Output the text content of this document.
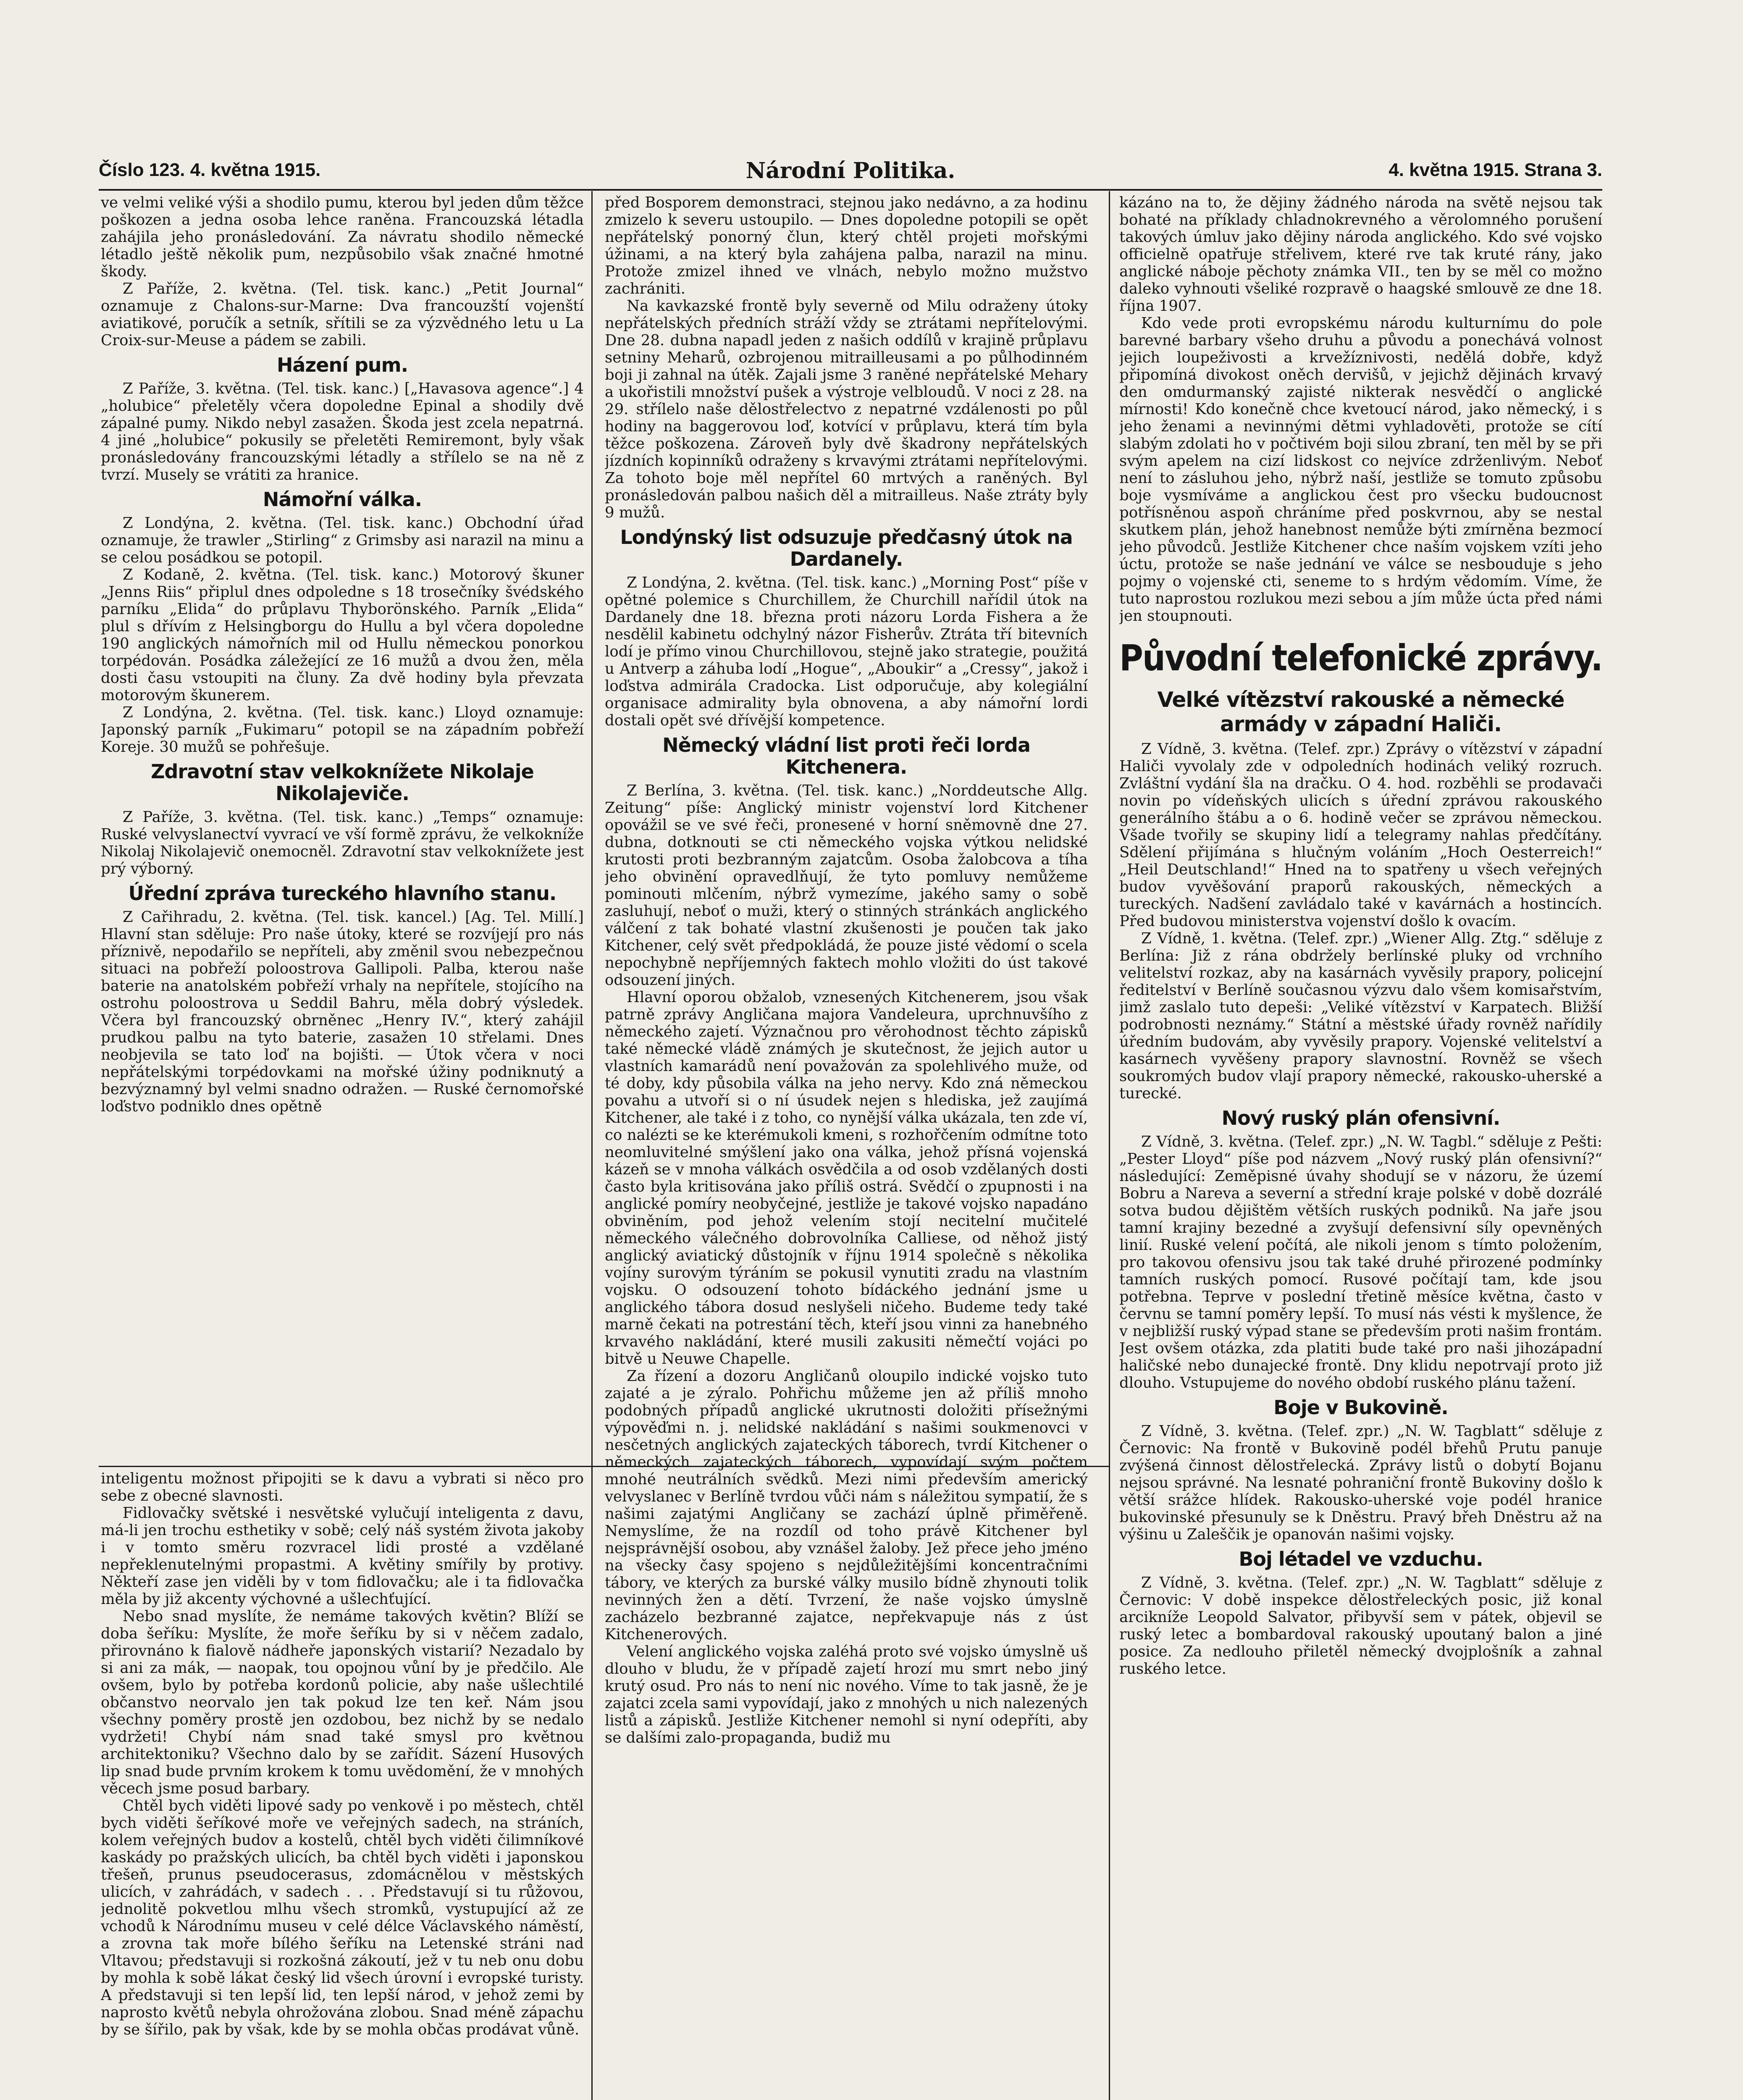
Číslo 123. 4. května 1915.	Národní Politika.	4. května 1915. Strana 3.

ve velmi veliké výši a shodilo pumu, kterou byl jeden dům těžce poškozen a jedna osoba lehce raněna. Francouzská létadla zahájila jeho pronásledování. Za návratu shodilo německé létadlo ještě několik pum, nezpůsobilo však značné hmotné škody.

Z Paříže, 2. května. (Tel. tisk. kanc.) „Petit Journal“ oznamuje z Chalons-sur-Marne: Dva francouzští vojenští aviatikové, poručík a setník, sřítili se za výzvědného letu u La Croix-sur-Meuse a pádem se zabili.

Házení pum.

Z Paříže, 3. května. (Tel. tisk. kanc.) [„Havasova agence“.] 4 „holubice“ přeletěly včera dopoledne Epinal a shodily dvě zápalné pumy. Nikdo nebyl zasažen. Škoda jest zcela nepatrná. 4 jiné „holubice“ pokusily se přeletěti Remiremont, byly však pronásledovány francouzskými létadly a střílelo se na ně z tvrzí. Musely se vrátiti za hranice.

Námořní válka.

Z Londýna, 2. května. (Tel. tisk. kanc.) Obchodní úřad oznamuje, že trawler „Stirling“ z Grimsby asi narazil na minu a se celou posádkou se potopil.

Z Kodaně, 2. května. (Tel. tisk. kanc.) Motorový škuner „Jenns Riis“ připlul dnes odpoledne s 18 trosečníky švédského parníku „Elida“ do průplavu Thyborönského. Parník „Elida“ plul s dřívím z Helsingborgu do Hullu a byl včera dopoledne 190 anglických námořních mil od Hullu německou ponorkou torpédován. Posádka záležející ze 16 mužů a dvou žen, měla dosti času vstoupiti na čluny. Za dvě hodiny byla převzata motorovým škunerem.

Z Londýna, 2. května. (Tel. tisk. kanc.) Lloyd oznamuje: Japonský parník „Fukimaru“ potopil se na západním pobřeží Koreje. 30 mužů se pohřešuje.

Zdravotní stav velkoknížete Nikolaje Nikolajeviče.

Z Paříže, 3. května. (Tel. tisk. kanc.) „Temps“ oznamuje: Ruské velvyslanectví vyvrací ve vší formě zprávu, že velkokníže Nikolaj Nikolajevič onemocněl. Zdravotní stav velkoknížete jest prý výborný.

Úřední zpráva tureckého hlavního stanu.

Z Cařihradu, 2. května. (Tel. tisk. kancel.) [Ag. Tel. Millí.] Hlavní stan sděluje: Pro naše útoky, které se rozvíjejí pro nás příznivě, nepodařilo se nepříteli, aby změnil svou nebezpečnou situaci na pobřeží poloostrova Gallipoli. Palba, kterou naše baterie na anatolském pobřeží vrhaly na nepřítele, stojícího na ostrohu poloostrova u Seddil Bahru, měla dobrý výsledek. Včera byl francouzský obrněnec „Henry IV.“, který zahájil prudkou palbu na tyto baterie, zasažen 10 střelami. Dnes neobjevila se tato loď na bojišti. — Útok včera v noci nepřátelskými torpédovkami na mořské úžiny podniknutý a bezvýznamný byl velmi snadno odražen. — Ruské černomořské loďstvo podniklo dnes opětně

před Bosporem demonstraci, stejnou jako nedávno, a za hodinu zmizelo k severu ustoupilo. — Dnes dopoledne potopili se opět nepřátelský ponorný člun, který chtěl projeti mořskými úžinami, a na který byla zahájena palba, narazil na minu. Protože zmizel ihned ve vlnách, nebylo možno mužstvo zachrániti.

Na kavkazské frontě byly severně od Milu odraženy útoky nepřátelských předních stráží vždy se ztrátami nepřítelovými. Dne 28. dubna napadl jeden z našich oddílů v krajině průplavu setniny Meharů, ozbrojenou mitrailleusami a po půlhodinném boji ji zahnal na útěk. Zajali jsme 3 raněné nepřátelské Mehary a ukořistili množství pušek a výstroje velbloudů. V noci z 28. na 29. střílelo naše dělostřelectvo z nepatrné vzdálenosti po půl hodiny na baggerovou loď, kotvící v průplavu, která tím byla těžce poškozena. Zároveň byly dvě škadrony nepřátelských jízdních kopinníků odraženy s krvavými ztrátami nepřítelovými. Za tohoto boje měl nepřítel 60 mrtvých a raněných. Byl pronásledován palbou našich děl a mitrailleus. Naše ztráty byly 9 mužů.

Londýnský list odsuzuje předčasný útok na Dardanely.

Z Londýna, 2. května. (Tel. tisk. kanc.) „Morning Post“ píše v opětné polemice s Churchillem, že Churchill nařídil útok na Dardanely dne 18. března proti názoru Lorda Fishera a že nesdělil kabinetu odchylný názor Fisherův. Ztráta tří bitevních lodí je přímo vinou Churchillovou, stejně jako strategie, použitá u Antverp a záhuba lodí „Hogue“, „Aboukir“ a „Cressy“, jakož i loďstva admirála Cradocka. List odporučuje, aby kolegiální organisace admirality byla obnovena, a aby námořní lordi dostali opět své dřívější kompetence.

Německý vládní list proti řeči lorda Kitchenera.

Z Berlína, 3. května. (Tel. tisk. kanc.) „Norddeutsche Allg. Zeitung“ píše: Anglický ministr vojenství lord Kitchener opovážil se ve své řeči, pronesené v horní sněmovně dne 27. dubna, dotknouti se cti německého vojska výtkou nelidské krutosti proti bezbranným zajatcům. Osoba žalobcova a tíha jeho obvinění opravedlňují, že tyto pomluvy nemůžeme pominouti mlčením, nýbrž vymezíme, jakého samy o sobě zasluhují, neboť o muži, který o stinných stránkách anglického válčení z tak bohaté vlastní zkušenosti je poučen tak jako Kitchener, celý svět předpokládá, že pouze jisté vědomí o scela nepochybně nepříjemných faktech mohlo vložiti do úst takové odsouzení jiných.

Hlavní oporou obžalob, vznesených Kitchenerem, jsou však patrně zprávy Angličana majora Vandeleura, uprchnuvšího z německého zajetí. Význačnou pro věrohodnost těchto zápisků také německé vládě známých je skutečnost, že jejich autor u vlastních kamarádů není považován za spolehlivého muže, od té doby, kdy působila válka na jeho nervy. Kdo zná německou povahu a utvoří si o ní úsudek nejen s hlediska, jež zaujímá Kitchener, ale také i z toho, co nynější válka ukázala, ten zde ví, co nalézti se ke kterémukoli kmeni, s rozhořčením odmítne toto neomluvitelné smýšlení jako ona válka, jehož přísná vojenská kázeň se v mnoha válkách osvědčila a od osob vzdělaných dosti často byla kritisována jako příliš ostrá. Svědčí o zpupnosti i na anglické pomíry neobyčejné, jestliže je takové vojsko napadáno obviněním, pod jehož velením stojí necitelní mučitelé německého válečného dobrovolníka Calliese, od něhož jistý anglický aviatický důstojník v říjnu 1914 společně s několika vojíny surovým týráním se pokusil vynutiti zradu na vlastním vojsku. O odsouzení tohoto bídáckého jednání jsme u anglického tábora dosud neslyšeli ničeho. Budeme tedy také marně čekati na potrestání těch, kteří jsou vinni za hanebného krvavého nakládání, které musili zakusiti němečtí vojáci po bitvě u Neuwe Chapelle.

Za řízení a dozoru Angličanů oloupilo indické vojsko tuto zajaté a je zýralo. Pohřichu můžeme jen až příliš mnoho podobných případů anglické ukrutnosti doložiti přísežnými výpověďmi n. j. nelidské nakládání s našimi soukmenovci v nesčetných anglických zajateckých táborech, tvrdí Kitchener o německých zajateckých táborech, vypovídají svým počtem mnohé neutrálních svědků. Mezi nimi především americký velvyslanec v Berlíně tvrdou vůči nám s náležitou sympatií, že s našimi zajatými Angličany se zachází úplně přiměřeně. Nemyslíme, že na rozdíl od toho právě Kitchener byl nejsprávnější osobou, aby vznášel žaloby. Jež přece jeho jméno na všecky časy spojeno s nejdůležitějšími koncentračními tábory, ve kterých za burské války musilo bídně zhynouti tolik nevinných žen a dětí. Tvrzení, že naše vojsko úmyslně zacházelo bezbranné zajatce, nepřekvapuje nás z úst Kitchenerových.

Velení anglického vojska zaléhá proto své vojsko úmyslně uš dlouho v bludu, že v případě zajetí hrozí mu smrt nebo jiný krutý osud. Pro nás to není nic nového. Víme to tak jasně, že je zajatci zcela sami vypovídají, jako z mnohých u nich nalezených listů a zápisků. Jestliže Kitchener nemohl si nyní odepříti, aby se dalšími zalo-propaganda, budiž mu

inteligentu možnost připojiti se k davu a vybrati si něco pro sebe z obecné slavnosti.

Fidlovačky světské i nesvětské vylučují inteligenta z davu, má-li jen trochu esthetiky v sobě; celý náš systém života jakoby i v tomto směru rozvracel lidi prosté a vzdělané nepřeklenutelnými propastmi. A květiny smířily by protivy. Někteří zase jen viděli by v tom fidlovačku; ale i ta fidlovačka měla by již akcenty výchovné a ušlechťující.

Nebo snad myslíte, že nemáme takových květin? Blíží se doba šeříku: Myslíte, že moře šeříku by si v něčem zadalo, přirovnáno k fialově nádheře japonských vistarií? Nezadalo by si ani za mák, — naopak, tou opojnou vůní by je předčilo. Ale ovšem, bylo by potřeba kordonů policie, aby naše ušlechtilé občanstvo neorvalo jen tak pokud lze ten keř. Nám jsou všechny poměry prostě jen ozdobou, bez nichž by se nedalo vydržeti! Chybí nám snad také smysl pro květnou architektoniku? Všechno dalo by se zařídit. Sázení Husových lip snad bude prvním krokem k tomu uvědomění, že v mnohých věcech jsme posud barbary.

Chtěl bych viděti lipové sady po venkově i po městech, chtěl bych viděti šeříkové moře ve veřejných sadech, na stráních, kolem veřejných budov a kostelů, chtěl bych viděti čilimníkové kaskády po pražských ulicích, ba chtěl bych viděti i japonskou třešeň, prunus pseudocerasus, zdomácnělou v městských ulicích, v zahrádách, v sadech . . . Představují si tu růžovou, jednolitě pokvetlou mlhu všech stromků, vystupující až ze vchodů k Národnímu museu v celé délce Václavského náměstí, a zrovna tak moře bílého šeříku na Letenské stráni nad Vltavou; představuji si rozkošná zákoutí, jež v tu neb onu dobu by mohla k sobě lákat český lid všech úrovní i evropské turisty. A představuji si ten lepší lid, ten lepší národ, v jehož zemi by naprosto květů nebyla ohrožována zlobou. Snad méně zápachu by se šířilo, pak by však, kde by se mohla občas prodávat vůně.

kázáno na to, že dějiny žádného národa na světě nejsou tak bohaté na příklady chladnokrevného a věrolomného porušení takových úmluv jako dějiny národa anglického. Kdo své vojsko officielně opatřuje střelivem, které rve tak kruté rány, jako anglické náboje pěchoty známka VII., ten by se měl co možno daleko vyhnouti všeliké rozpravě o haagské smlouvě ze dne 18. října 1907.

Kdo vede proti evropskému národu kulturnímu do pole barevné barbary všeho druhu a původu a ponechává volnost jejich loupeživosti a krvežíznivosti, nedělá dobře, když připomíná divokost oněch dervišů, v jejichž dějinách krvavý den omdurmanský zajisté nikterak nesvědčí o anglické mírnosti! Kdo konečně chce kvetoucí národ, jako německý, i s jeho ženami a nevinnými dětmi vyhladověti, protože se cítí slabým zdolati ho v počtivém boji silou zbraní, ten měl by se při svým apelem na cizí lidskost co nejvíce zdrženlivým. Neboť není to zásluhou jeho, nýbrž naší, jestliže se tomuto způsobu boje vysmíváme a anglickou čest pro všecku budoucnost potřísněnou aspoň chráníme před poskvrnou, aby se nestal skutkem plán, jehož hanebnost nemůže býti zmírněna bezmocí jeho původců. Jestliže Kitchener chce naším vojskem vzíti jeho úctu, protože se naše jednání ve válce se nesbouduje s jeho pojmy o vojenské cti, seneme to s hrdým vědomím. Víme, že tuto naprostou rozlukou mezi sebou a jím může úcta před námi jen stoupnouti.

Původní telefonické zprávy.
Velké vítězství rakouské a německé armády v západní Haliči.

Z Vídně, 3. května. (Telef. zpr.) Zprávy o vítězství v západní Haliči vyvolaly zde v odpoledních hodinách veliký rozruch. Zvláštní vydání šla na dračku. O 4. hod. rozběhli se prodavači novin po vídeňských ulicích s úřední zprávou rakouského generálního štábu a o 6. hodině večer se zprávou německou. Všade tvořily se skupiny lidí a telegramy nahlas předčítány. Sdělení přijímána s hlučným voláním „Hoch Oesterreich!“ „Heil Deutschland!“ Hned na to spatřeny u všech veřejných budov vyvěšování praporů rakouských, německých a tureckých. Nadšení zavládalo také v kavárnách a hostincích. Před budovou ministerstva vojenství došlo k ovacím.

Z Vídně, 1. května. (Telef. zpr.) „Wiener Allg. Ztg.“ sděluje z Berlína: Již z rána obdržely berlínské pluky od vrchního velitelství rozkaz, aby na kasárnách vyvěsily prapory, policejní ředitelství v Berlíně současnou výzvu dalo všem komisařstvím, jimž zaslalo tuto depeši: „Veliké vítězství v Karpatech. Bližší podrobnosti neznámy.“ Státní a městské úřady rovněž nařídily úředním budovám, aby vyvěsily prapory. Vojenské velitelství a kasárnech vyvěšeny prapory slavnostní. Rovněž se všech soukromých budov vlají prapory německé, rakousko-uherské a turecké.

Nový ruský plán ofensivní.

Z Vídně, 3. května. (Telef. zpr.) „N. W. Tagbl.“ sděluje z Pešti: „Pester Lloyd“ píše pod názvem „Nový ruský plán ofensivní?“ následující: Zeměpisné úvahy shodují se v názoru, že území Bobru a Nareva a severní a střední kraje polské v době dozrálé sotva budou dějištěm větších ruských podniků. Na jaře jsou tamní krajiny bezedné a zvyšují defensivní síly opevněných linií. Ruské velení počítá, ale nikoli jenom s tímto položením, pro takovou ofensivu jsou tak také druhé přirozené podmínky tamních ruských pomocí. Rusové počítají tam, kde jsou potřebna. Teprve v poslední třetině měsíce května, často v červnu se tamní poměry lepší. To musí nás vésti k myšlence, že v nejbližší ruský výpad stane se především proti našim frontám. Jest ovšem otázka, zda platiti bude také pro naši jihozápadní haličské nebo dunajecké frontě. Dny klidu nepotrvají proto již dlouho. Vstupujeme do nového období ruského plánu tažení.

Boje v Bukovině.

Z Vídně, 3. května. (Telef. zpr.) „N. W. Tagblatt“ sděluje z Černovic: Na frontě v Bukovině podél břehů Prutu panuje zvýšená činnost dělostřelecká. Zprávy listů o dobytí Bojanu nejsou správné. Na lesnaté pohraniční frontě Bukoviny došlo k větší srážce hlídek. Rakousko-uherské voje podél hranice bukovinské přesunuly se k Dněstru. Pravý břeh Dněstru až na výšinu u Zaleščik je opanován našimi vojsky.

Boj létadel ve vzduchu.

Z Vídně, 3. května. (Telef. zpr.) „N. W. Tagblatt“ sděluje z Černovic: V době inspekce dělostřeleckých posic, již konal arcikníže Leopold Salvator, přibyvší sem v pátek, objevil se ruský letec a bombardoval rakouský upoutaný balon a jiné posice. Za nedlouho přiletěl německý dvojplošník a zahnal ruského letce.
